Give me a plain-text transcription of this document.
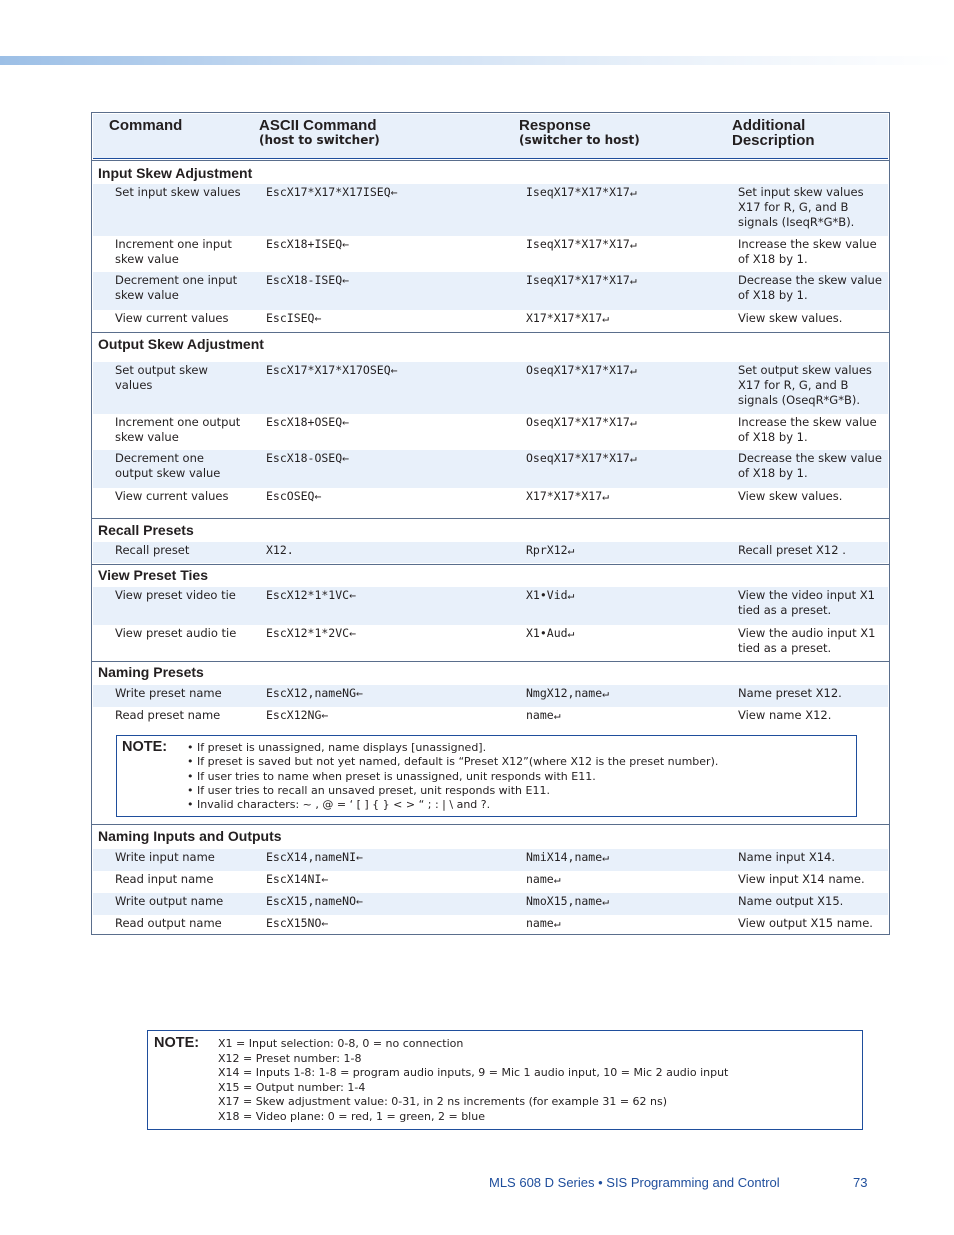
Command	ASCII Command
(host to switcher)
Response
(switcher to host)
Additional
Description
Input Skew Adjustment
Set input skew values	EscX17*X17*X17ISEQ←	IseqX17*X17*X17↵	Set input skew values X17 for R, G, and B signals (IseqR*G*B).
Increment one input skew value
EscX18+ISEQ←	IseqX17*X17*X17↵	Increase the skew value of X18 by 1.
Decrement one input skew value
EscX18-ISEQ←	IseqX17*X17*X17↵	Decrease the skew value of X18 by 1.
View current values	EscISEQ←	X17*X17*X17↵	View skew values.
Output Skew Adjustment
Set output skew values
EscX17*X17*X17OSEQ←	OseqX17*X17*X17↵	Set output skew values X17 for R, G, and B signals (OseqR*G*B).
Increment one output skew value
EscX18+OSEQ←	OseqX17*X17*X17↵	Increase the skew value of X18 by 1.
Decrement one output skew value
EscX18-OSEQ←	OseqX17*X17*X17↵	Decrease the skew value of X18 by 1.
View current values	EscOSEQ←	X17*X17*X17↵	View skew values.
Recall Presets
Recall preset	X12.	RprX12↵	Recall preset X12 .
View Preset Ties
View preset video tie	EscX12*1*1VC←	X1•Vid↵	View the video input X1 tied as a preset.
View preset audio tie	EscX12*1*2VC←	X1•Aud↵	View the audio input X1 tied as a preset.
Naming Presets
Write preset name	EscX12,nameNG←	NmgX12,name↵	Name preset X12.
Read preset name	EscX12NG←	name↵	View name X12.
Naming Inputs and Outputs
Write input name	EscX14,nameNI←	NmiX14,name↵	Name input X14.
Read input name	EscX14NI←	name↵	View input X14 name.
Write output name	EscX15,nameNO←	NmoX15,name↵	Name output X15.
Read output name	EscX15NO←	name↵	View output X15 name.
NOTE:
•	If preset is unassigned, name displays [unassigned].
• If preset is saved but not yet named, default is “Preset X12”(where X12 is the preset number).
• If user tries to name when preset is unassigned, unit responds with E11.
• If user tries to recall an unsaved preset, unit responds with E11.
• Invalid characters: ~ , @ = ‘ [ ] { } < > “ ; : | \ and ?.
NOTE: X1 = Input selection: 0-8, 0 = no connection
X12 = Preset number: 1-8
X14 = Inputs 1-8: 1-8 = program audio inputs, 9 = Mic 1 audio input, 10 = Mic 2 audio input
X15 = Output number: 1-4
X17 = Skew adjustment value: 0-31, in 2 ns increments (for example 31 = 62 ns)
X18 = Video plane: 0 = red, 1 = green, 2 = blue
MLS 608 D Series • SIS Programming and Control	73
